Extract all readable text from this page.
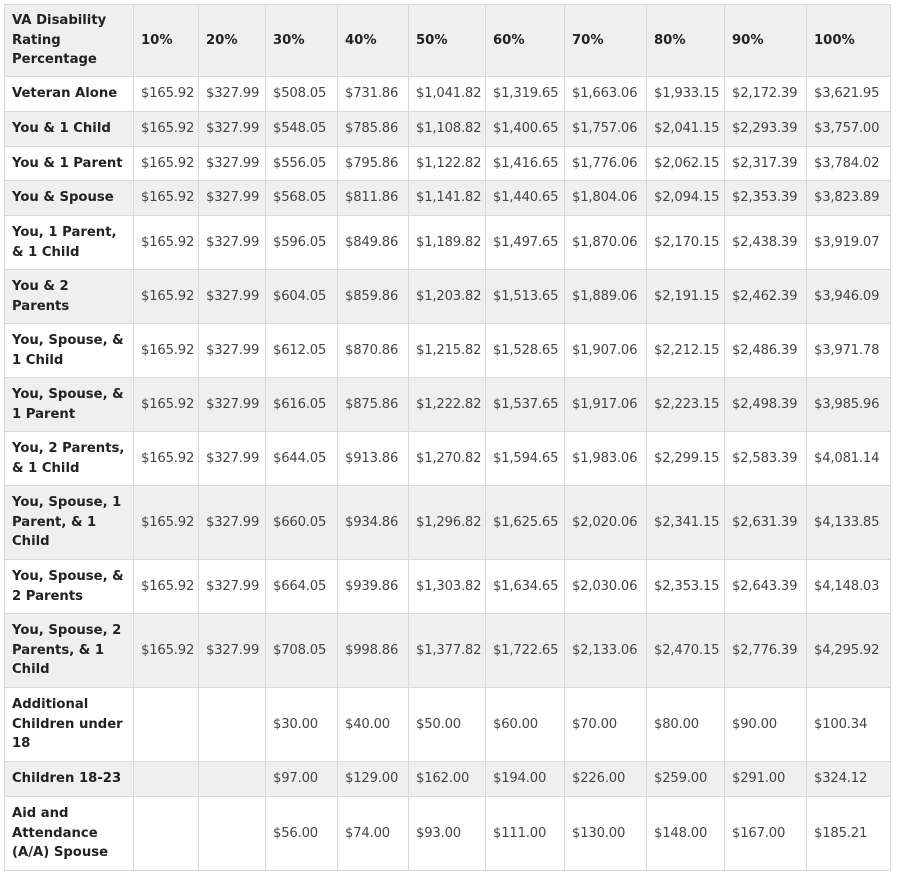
VA Disability Rating Percentage	10%	20%	30%	40%	50%	60%	70%	80%	90%	100%
Veteran Alone	$165.92	$327.99	$508.05	$731.86	$1,041.82	$1,319.65	$1,663.06	$1,933.15	$2,172.39	$3,621.95
You & 1 Child	$165.92	$327.99	$548.05	$785.86	$1,108.82	$1,400.65	$1,757.06	$2,041.15	$2,293.39	$3,757.00
You & 1 Parent	$165.92	$327.99	$556.05	$795.86	$1,122.82	$1,416.65	$1,776.06	$2,062.15	$2,317.39	$3,784.02
You & Spouse	$165.92	$327.99	$568.05	$811.86	$1,141.82	$1,440.65	$1,804.06	$2,094.15	$2,353.39	$3,823.89
You, 1 Parent, & 1 Child	$165.92	$327.99	$596.05	$849.86	$1,189.82	$1,497.65	$1,870.06	$2,170.15	$2,438.39	$3,919.07
You & 2 Parents	$165.92	$327.99	$604.05	$859.86	$1,203.82	$1,513.65	$1,889.06	$2,191.15	$2,462.39	$3,946.09
You, Spouse, & 1 Child	$165.92	$327.99	$612.05	$870.86	$1,215.82	$1,528.65	$1,907.06	$2,212.15	$2,486.39	$3,971.78
You, Spouse, & 1 Parent	$165.92	$327.99	$616.05	$875.86	$1,222.82	$1,537.65	$1,917.06	$2,223.15	$2,498.39	$3,985.96
You, 2 Parents, & 1 Child	$165.92	$327.99	$644.05	$913.86	$1,270.82	$1,594.65	$1,983.06	$2,299.15	$2,583.39	$4,081.14
You, Spouse, 1 Parent, & 1 Child	$165.92	$327.99	$660.05	$934.86	$1,296.82	$1,625.65	$2,020.06	$2,341.15	$2,631.39	$4,133.85
You, Spouse, & 2 Parents	$165.92	$327.99	$664.05	$939.86	$1,303.82	$1,634.65	$2,030.06	$2,353.15	$2,643.39	$4,148.03
You, Spouse, 2 Parents, & 1 Child	$165.92	$327.99	$708.05	$998.86	$1,377.82	$1,722.65	$2,133.06	$2,470.15	$2,776.39	$4,295.92
Additional Children under 18			$30.00	$40.00	$50.00	$60.00	$70.00	$80.00	$90.00	$100.34
Children 18-23			$97.00	$129.00	$162.00	$194.00	$226.00	$259.00	$291.00	$324.12
Aid and Attendance (A/A) Spouse			$56.00	$74.00	$93.00	$111.00	$130.00	$148.00	$167.00	$185.21
